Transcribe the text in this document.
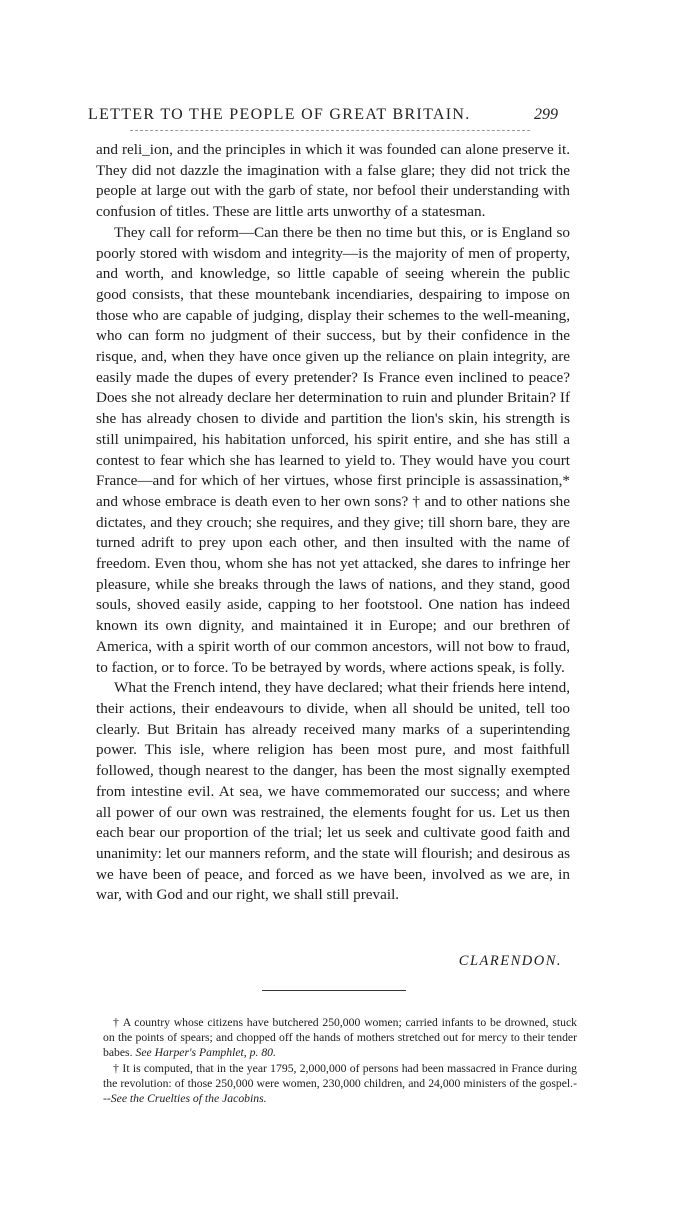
LETTER TO THE PEOPLE OF GREAT BRITAIN.	299

and reli_ion, and the principles in which it was founded can alone preserve it. They did not dazzle the imagination with a false glare; they did not trick the people at large out with the garb of state, nor befool their understanding with confusion of titles. These are little arts unworthy of a statesman.

They call for reform—Can there be then no time but this, or is England so poorly stored with wisdom and integrity—is the majority of men of property, and worth, and knowledge, so little capable of seeing wherein the public good consists, that these mountebank incendiaries, despairing to impose on those who are capable of judging, display their schemes to the well-meaning, who can form no judgment of their success, but by their confidence in the risque, and, when they have once given up the reliance on plain integrity, are easily made the dupes of every pretender? Is France even inclined to peace? Does she not already declare her determination to ruin and plunder Britain? If she has already chosen to divide and partition the lion's skin, his strength is still unimpaired, his habitation unforced, his spirit entire, and she has still a contest to fear which she has learned to yield to. They would have you court France—and for which of her virtues, whose first principle is assassination,* and whose embrace is death even to her own sons? † and to other nations she dictates, and they crouch; she requires, and they give; till shorn bare, they are turned adrift to prey upon each other, and then insulted with the name of freedom. Even thou, whom she has not yet attacked, she dares to infringe her pleasure, while she breaks through the laws of nations, and they stand, good souls, shoved easily aside, capping to her footstool. One nation has indeed known its own dignity, and maintained it in Europe; and our brethren of America, with a spirit worth of our common ancestors, will not bow to fraud, to faction, or to force. To be betrayed by words, where actions speak, is folly.

What the French intend, they have declared; what their friends here intend, their actions, their endeavours to divide, when all should be united, tell too clearly. But Britain has already received many marks of a superintending power. This isle, where religion has been most pure, and most faithfull followed, though nearest to the danger, has been the most signally exempted from intestine evil. At sea, we have commemorated our success; and where all power of our own was restrained, the elements fought for us. Let us then each bear our proportion of the trial; let us seek and cultivate good faith and unanimity: let our manners reform, and the state will flourish; and desirous as we have been of peace, and forced as we have been, involved as we are, in war, with God and our right, we shall still prevail.

CLARENDON.

† A country whose citizens have butchered 250,000 women; carried infants to be drowned, stuck on the points of spears; and chopped off the hands of mothers stretched out for mercy to their tender babes. See Harper's Pamphlet, p. 80.

† It is computed, that in the year 1795, 2,000,000 of persons had been massacred in France during the revolution: of those 250,000 were women, 230,000 children, and 24,000 ministers of the gospel.---See the Cruelties of the Jacobins.
